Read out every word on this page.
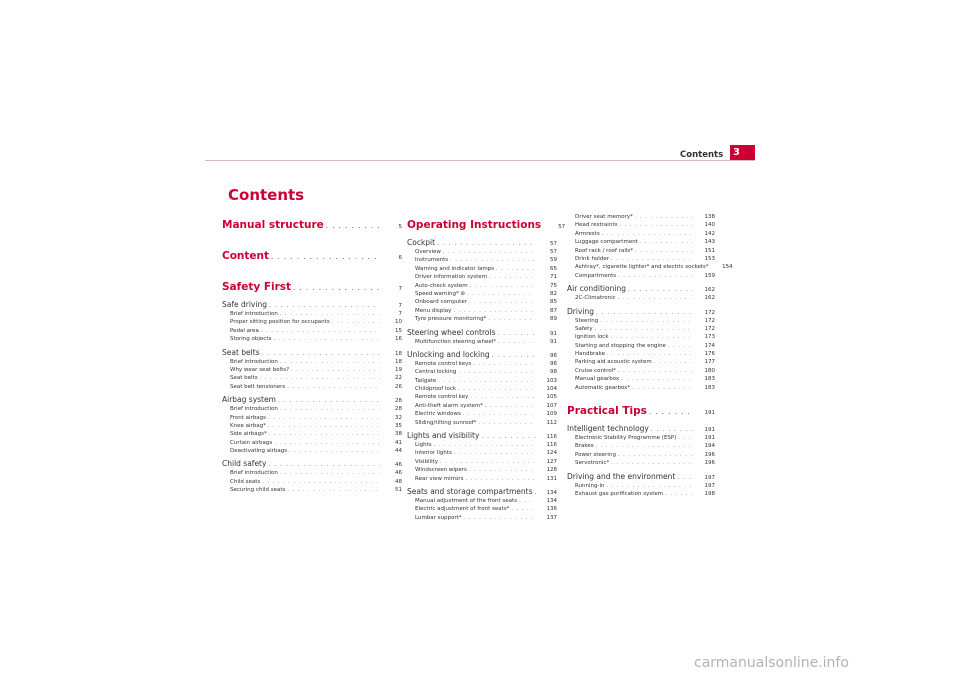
Contents 3
Contents
Manual structure . . .	5
Content . . .	6
Safety First . . .	7
Safe driving . . .	7
Brief introduction . . .	7
Proper sitting position for occupants . . .	10
Pedal area . . .	15
Storing objects . . .	16
Seat belts . . .	18
Brief introduction . . .	18
Why wear seat belts? . . .	19
Seat belts . . .	22
Seat belt tensioners . . .	26
Airbag system . . .	28
Brief introduction . . .	28
Front airbags . . .	32
Knee airbag* . . .	35
Side airbags* . . .	38
Curtain airbags . . .	41
Deactivating airbags . . .	44
Child safety . . .	46
Brief introduction . . .	46
Child seats . . .	48
Securing child seats . . .	51
Operating Instructions	57
Cockpit . . .	57
Overview . . .	57
Instruments . . .	59
Warning and indicator lamps . . .	65
Driver information system . . .	71
Auto-check system . . .	75
Speed warning* ⊛ . . .	82
Onboard computer . . .	85
Menu display . . .	87
Tyre pressure monitoring* . . .	89
Steering wheel controls . . .	91
Multifunction steering wheel* . . .	91
Unlocking and locking . . .	96
Remote control keys . . .	96
Central locking . . .	98
Tailgate . . .	103
Childproof lock . . .	104
Remote control key . . .	105
Anti-theft alarm system* . . .	107
Electric windows . . .	109
Sliding/tilting sunroof* . . .	112
Lights and visibility . . .	116
Lights . . .	116
Interior lights . . .	124
Visibility . . .	127
Windscreen wipers . . .	128
Rear view mirrors . . .	131
Seats and storage compartments . . .	134
Manual adjustment of the front seats . . .	134
Electric adjustment of front seats* . . .	136
Lumbar support* . . .	137
Driver seat memory* . . .	138
Head restraints . . .	140
Armrests . . .	142
Luggage compartment . . .	143
Roof rack / roof rails* . . .	151
Drink holder . . .	153
Ashtray*, cigarette lighter* and electric sockets*	154
Compartments . . .	159
Air conditioning . . .	162
2C-Climatronic . . .	162
Driving . . .	172
Steering . . .	172
Safety . . .	172
Ignition lock . . .	173
Starting and stopping the engine . . .	174
Handbrake . . .	176
Parking aid acoustic system . . .	177
Cruise control* . . .	180
Manual gearbox . . .	183
Automatic gearbox* . . .	183
Practical Tips . . .	191
Intelligent technology . . .	191
Electronic Stability Programme (ESP) . . .	191
Brakes . . .	194
Power steering . . .	196
Servotronic* . . .	196
Driving and the environment . . .	197
Running-in . . .	197
Exhaust gas purification system . . .	198
carmanualsonline.info
